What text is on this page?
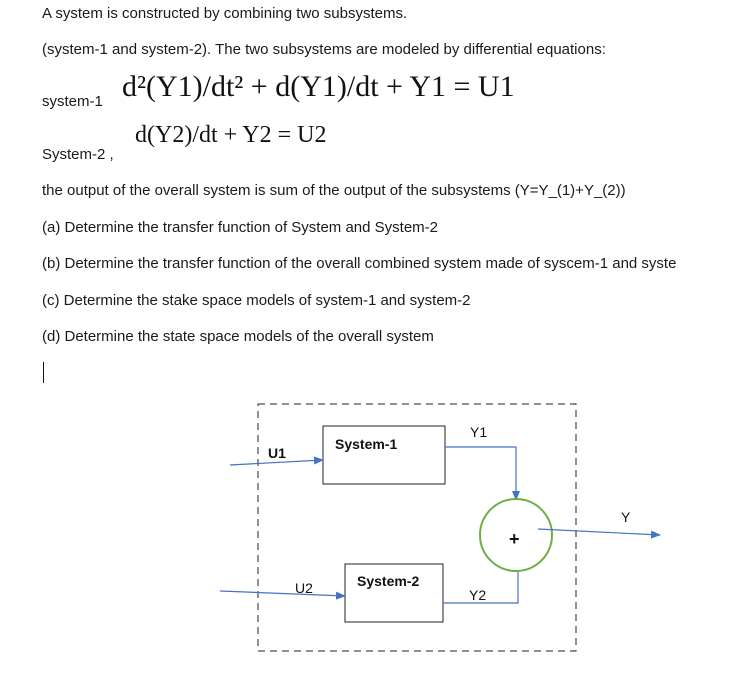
A system is constructed by combining two subsystems.
(system-1 and system-2). The two subsystems are modeled by differential equations:
system-1 d²(Y1)/dt² + d(Y1)/dt + Y1 = U1
d(Y2)/dt + Y2 = U2
System-2 ,
the output of the overall system is sum of the output of the subsystems (Y=Y_(1)+Y_(2))
(a) Determine the transfer function of System and System-2
(b) Determine the transfer function of the overall combined system made of syscem-1 and syste
(c) Determine the stake space models of system-1 and system-2
(d) Determine the state space models of the overall system
System-1
System-2
U1
U2
Y1
Y2
+
Y
